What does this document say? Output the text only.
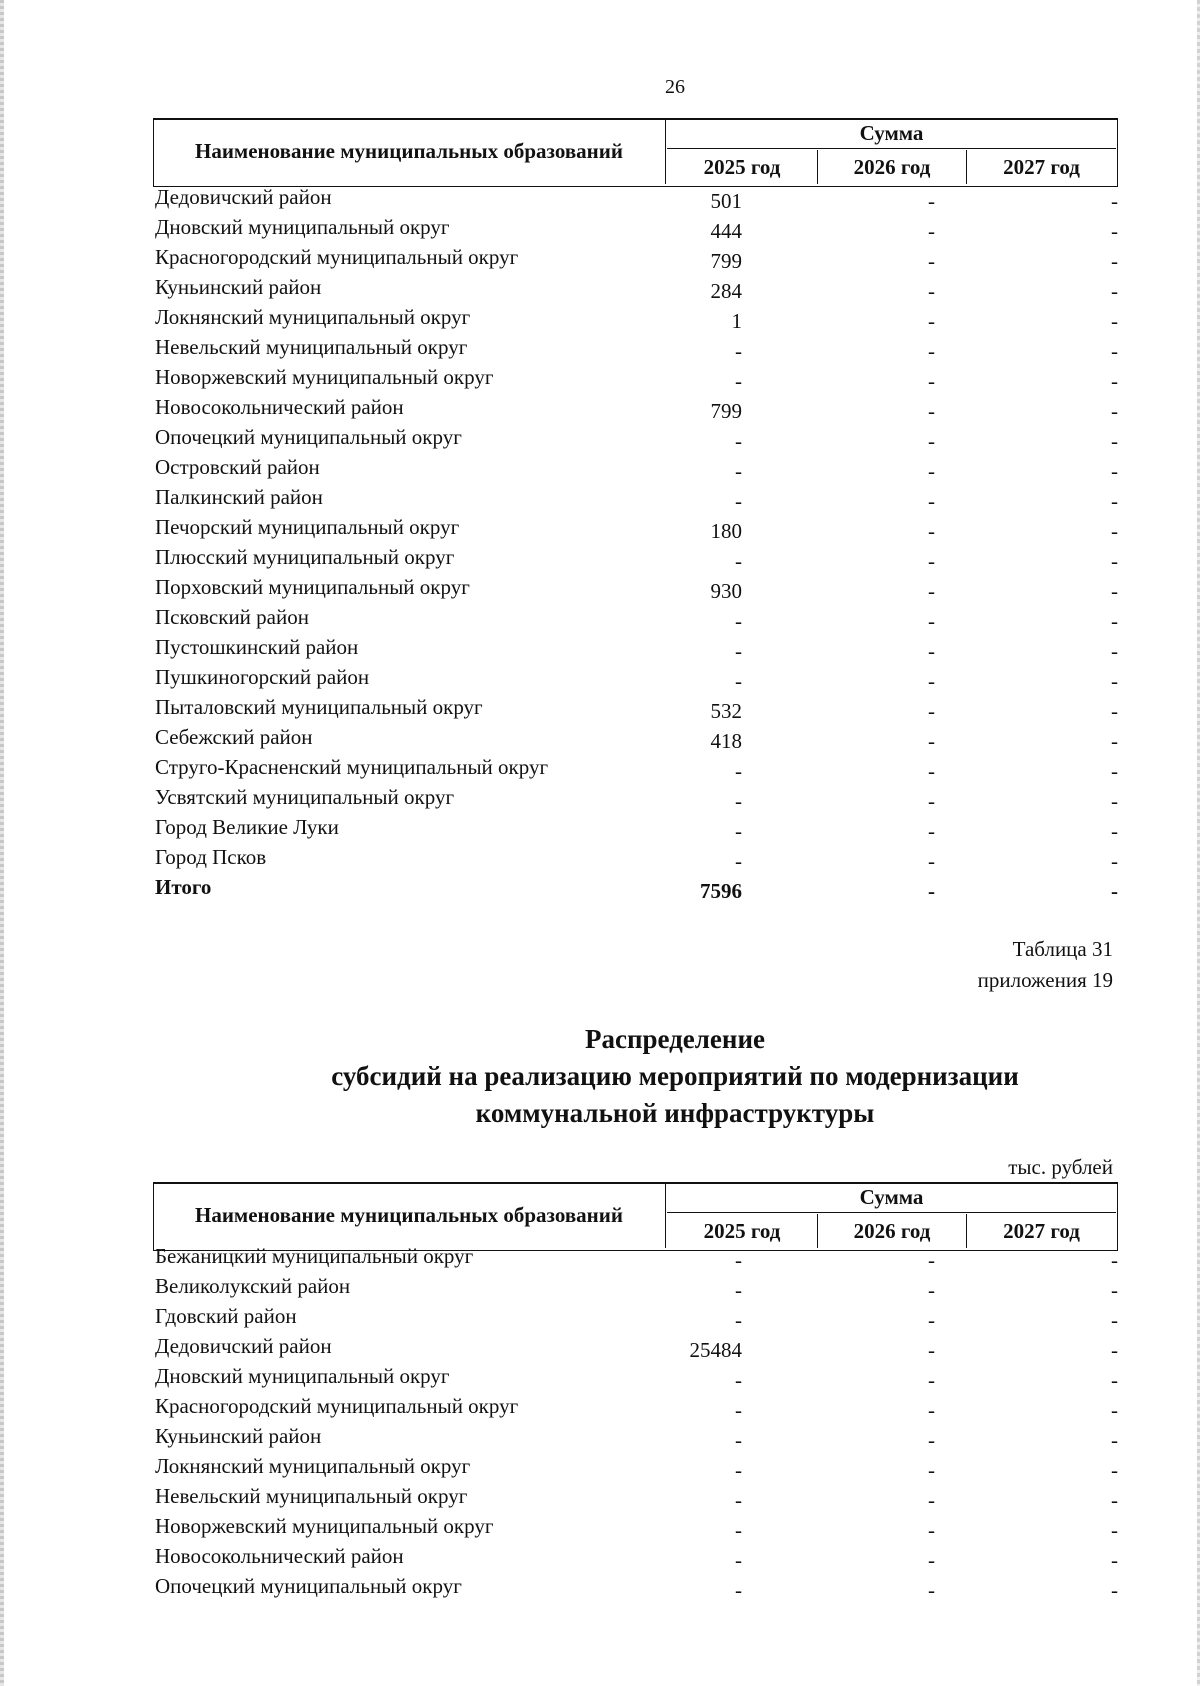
26
Наименование муниципальных образований
Сумма
2025 год	2026 год	2027 год
Дедовичский район	501	-	-
Дновский муниципальный округ	444	-	-
Красногородский муниципальный округ	799	-	-
Куньинский район	284	-	-
Локнянский муниципальный округ	1	-	-
Невельский муниципальный округ	-	-	-
Новоржевский муниципальный округ	-	-	-
Новосокольнический район	799	-	-
Опочецкий муниципальный округ	-	-	-
Островский район	-	-	-
Палкинский район	-	-	-
Печорский муниципальный округ	180	-	-
Плюсский муниципальный округ	-	-	-
Порховский муниципальный округ	930	-	-
Псковский район	-	-	-
Пустошкинский район	-	-	-
Пушкиногорский район	-	-	-
Пыталовский муниципальный округ	532	-	-
Себежский район	418	-	-
Струго-Красненский муниципальный округ	-	-	-
Усвятский муниципальный округ	-	-	-
Город Великие Луки	-	-	-
Город Псков	-	-	-
Итого	7596	-	-
Таблица 31
приложения 19
Распределение
субсидий на реализацию мероприятий по модернизации
коммунальной инфраструктуры
тыс. рублей
Наименование муниципальных образований
Сумма
2025 год	2026 год	2027 год
Бежаницкий муниципальный округ	-	-	-
Великолукский район	-	-	-
Гдовский район	-	-	-
Дедовичский район	25484	-	-
Дновский муниципальный округ	-	-	-
Красногородский муниципальный округ	-	-	-
Куньинский район	-	-	-
Локнянский муниципальный округ	-	-	-
Невельский муниципальный округ	-	-	-
Новоржевский муниципальный округ	-	-	-
Новосокольнический район	-	-	-
Опочецкий муниципальный округ	-	-	-
